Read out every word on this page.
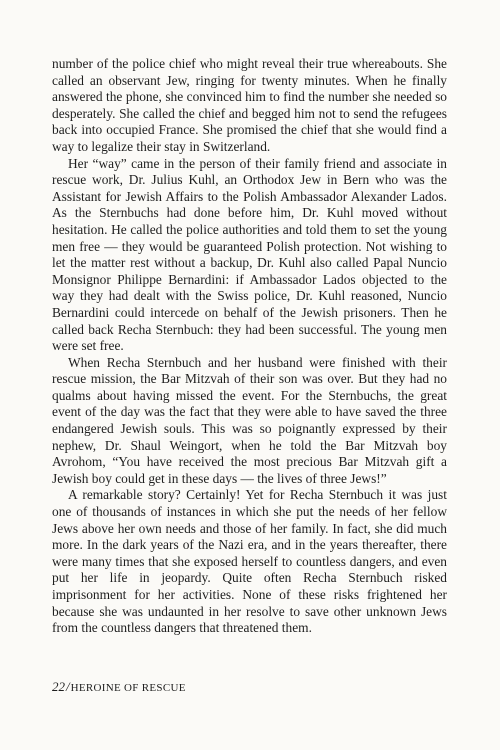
number of the police chief who might reveal their true whereabouts. She called an observant Jew, ringing for twenty minutes. When he finally answered the phone, she convinced him to find the number she needed so desperately. She called the chief and begged him not to send the refugees back into occupied France. She promised the chief that she would find a way to legalize their stay in Switzerland.

Her “way” came in the person of their family friend and associate in rescue work, Dr. Julius Kuhl, an Orthodox Jew in Bern who was the Assistant for Jewish Affairs to the Polish Ambassador Alexander Lados. As the Sternbuchs had done before him, Dr. Kuhl moved without hesitation. He called the police authorities and told them to set the young men free — they would be guaranteed Polish protection. Not wishing to let the matter rest without a backup, Dr. Kuhl also called Papal Nuncio Monsignor Philippe Bernardini: if Ambassador Lados objected to the way they had dealt with the Swiss police, Dr. Kuhl reasoned, Nuncio Bernardini could intercede on behalf of the Jewish prisoners. Then he called back Recha Sternbuch: they had been successful. The young men were set free.

When Recha Sternbuch and her husband were finished with their rescue mission, the Bar Mitzvah of their son was over. But they had no qualms about having missed the event. For the Sternbuchs, the great event of the day was the fact that they were able to have saved the three endangered Jewish souls. This was so poignantly expressed by their nephew, Dr. Shaul Weingort, when he told the Bar Mitzvah boy Avrohom, “You have received the most precious Bar Mitzvah gift a Jewish boy could get in these days — the lives of three Jews!”

A remarkable story? Certainly! Yet for Recha Sternbuch it was just one of thousands of instances in which she put the needs of her fellow Jews above her own needs and those of her family. In fact, she did much more. In the dark years of the Nazi era, and in the years thereafter, there were many times that she exposed herself to countless dangers, and even put her life in jeopardy. Quite often Recha Sternbuch risked imprisonment for her activities. None of these risks frightened her because she was undaunted in her resolve to save other unknown Jews from the countless dangers that threatened them.

22/HEROINE OF RESCUE
